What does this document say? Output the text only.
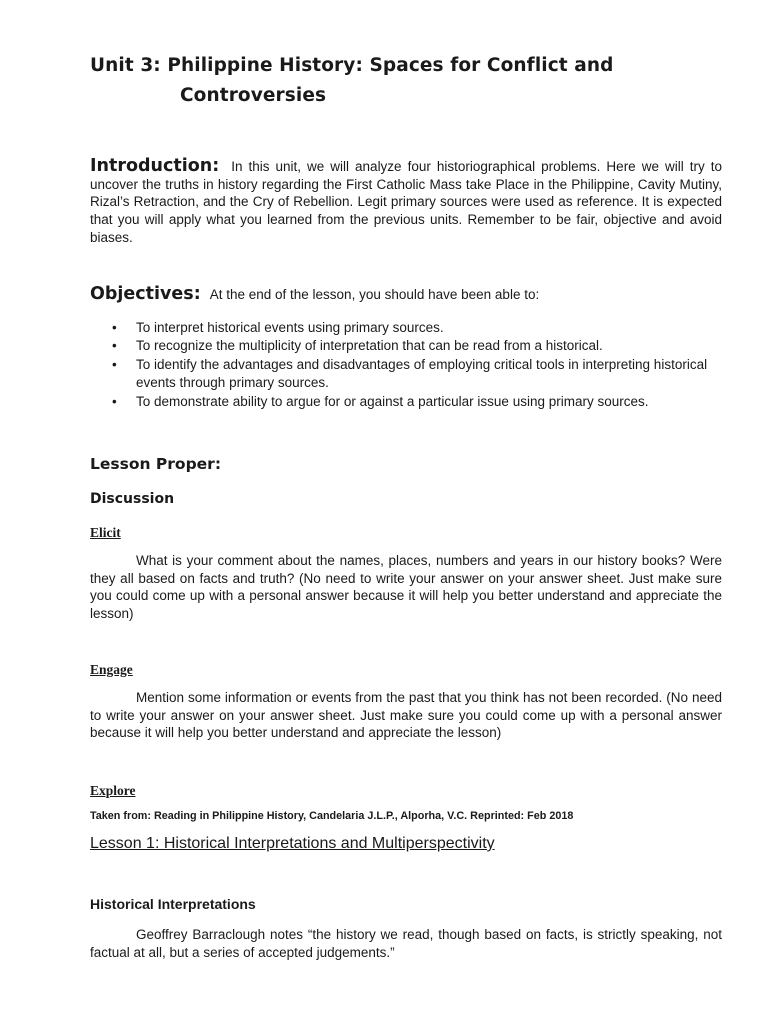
Unit 3: Philippine History: Spaces for Conflict and
Controversies
Introduction: In this unit, we will analyze four historiographical problems. Here we will try to uncover the truths in history regarding the First Catholic Mass take Place in the Philippine, Cavity Mutiny, Rizal’s Retraction, and the Cry of Rebellion. Legit primary sources were used as reference. It is expected that you will apply what you learned from the previous units. Remember to be fair, objective and avoid biases.
Objectives: At the end of the lesson, you should have been able to:
• To interpret historical events using primary sources.
• To recognize the multiplicity of interpretation that can be read from a historical.
• To identify the advantages and disadvantages of employing critical tools in interpreting historical events through primary sources.
• To demonstrate ability to argue for or against a particular issue using primary sources.
Lesson Proper:
Discussion
Elicit
What is your comment about the names, places, numbers and years in our history books? Were they all based on facts and truth? (No need to write your answer on your answer sheet. Just make sure you could come up with a personal answer because it will help you better understand and appreciate the lesson)
Engage
Mention some information or events from the past that you think has not been recorded. (No need to write your answer on your answer sheet. Just make sure you could come up with a personal answer because it will help you better understand and appreciate the lesson)
Explore
Taken from: Reading in Philippine History, Candelaria J.L.P., Alporha, V.C. Reprinted: Feb 2018
Lesson 1: Historical Interpretations and Multiperspectivity
Historical Interpretations
Geoffrey Barraclough notes “the history we read, though based on facts, is strictly speaking, not factual at all, but a series of accepted judgements.”
